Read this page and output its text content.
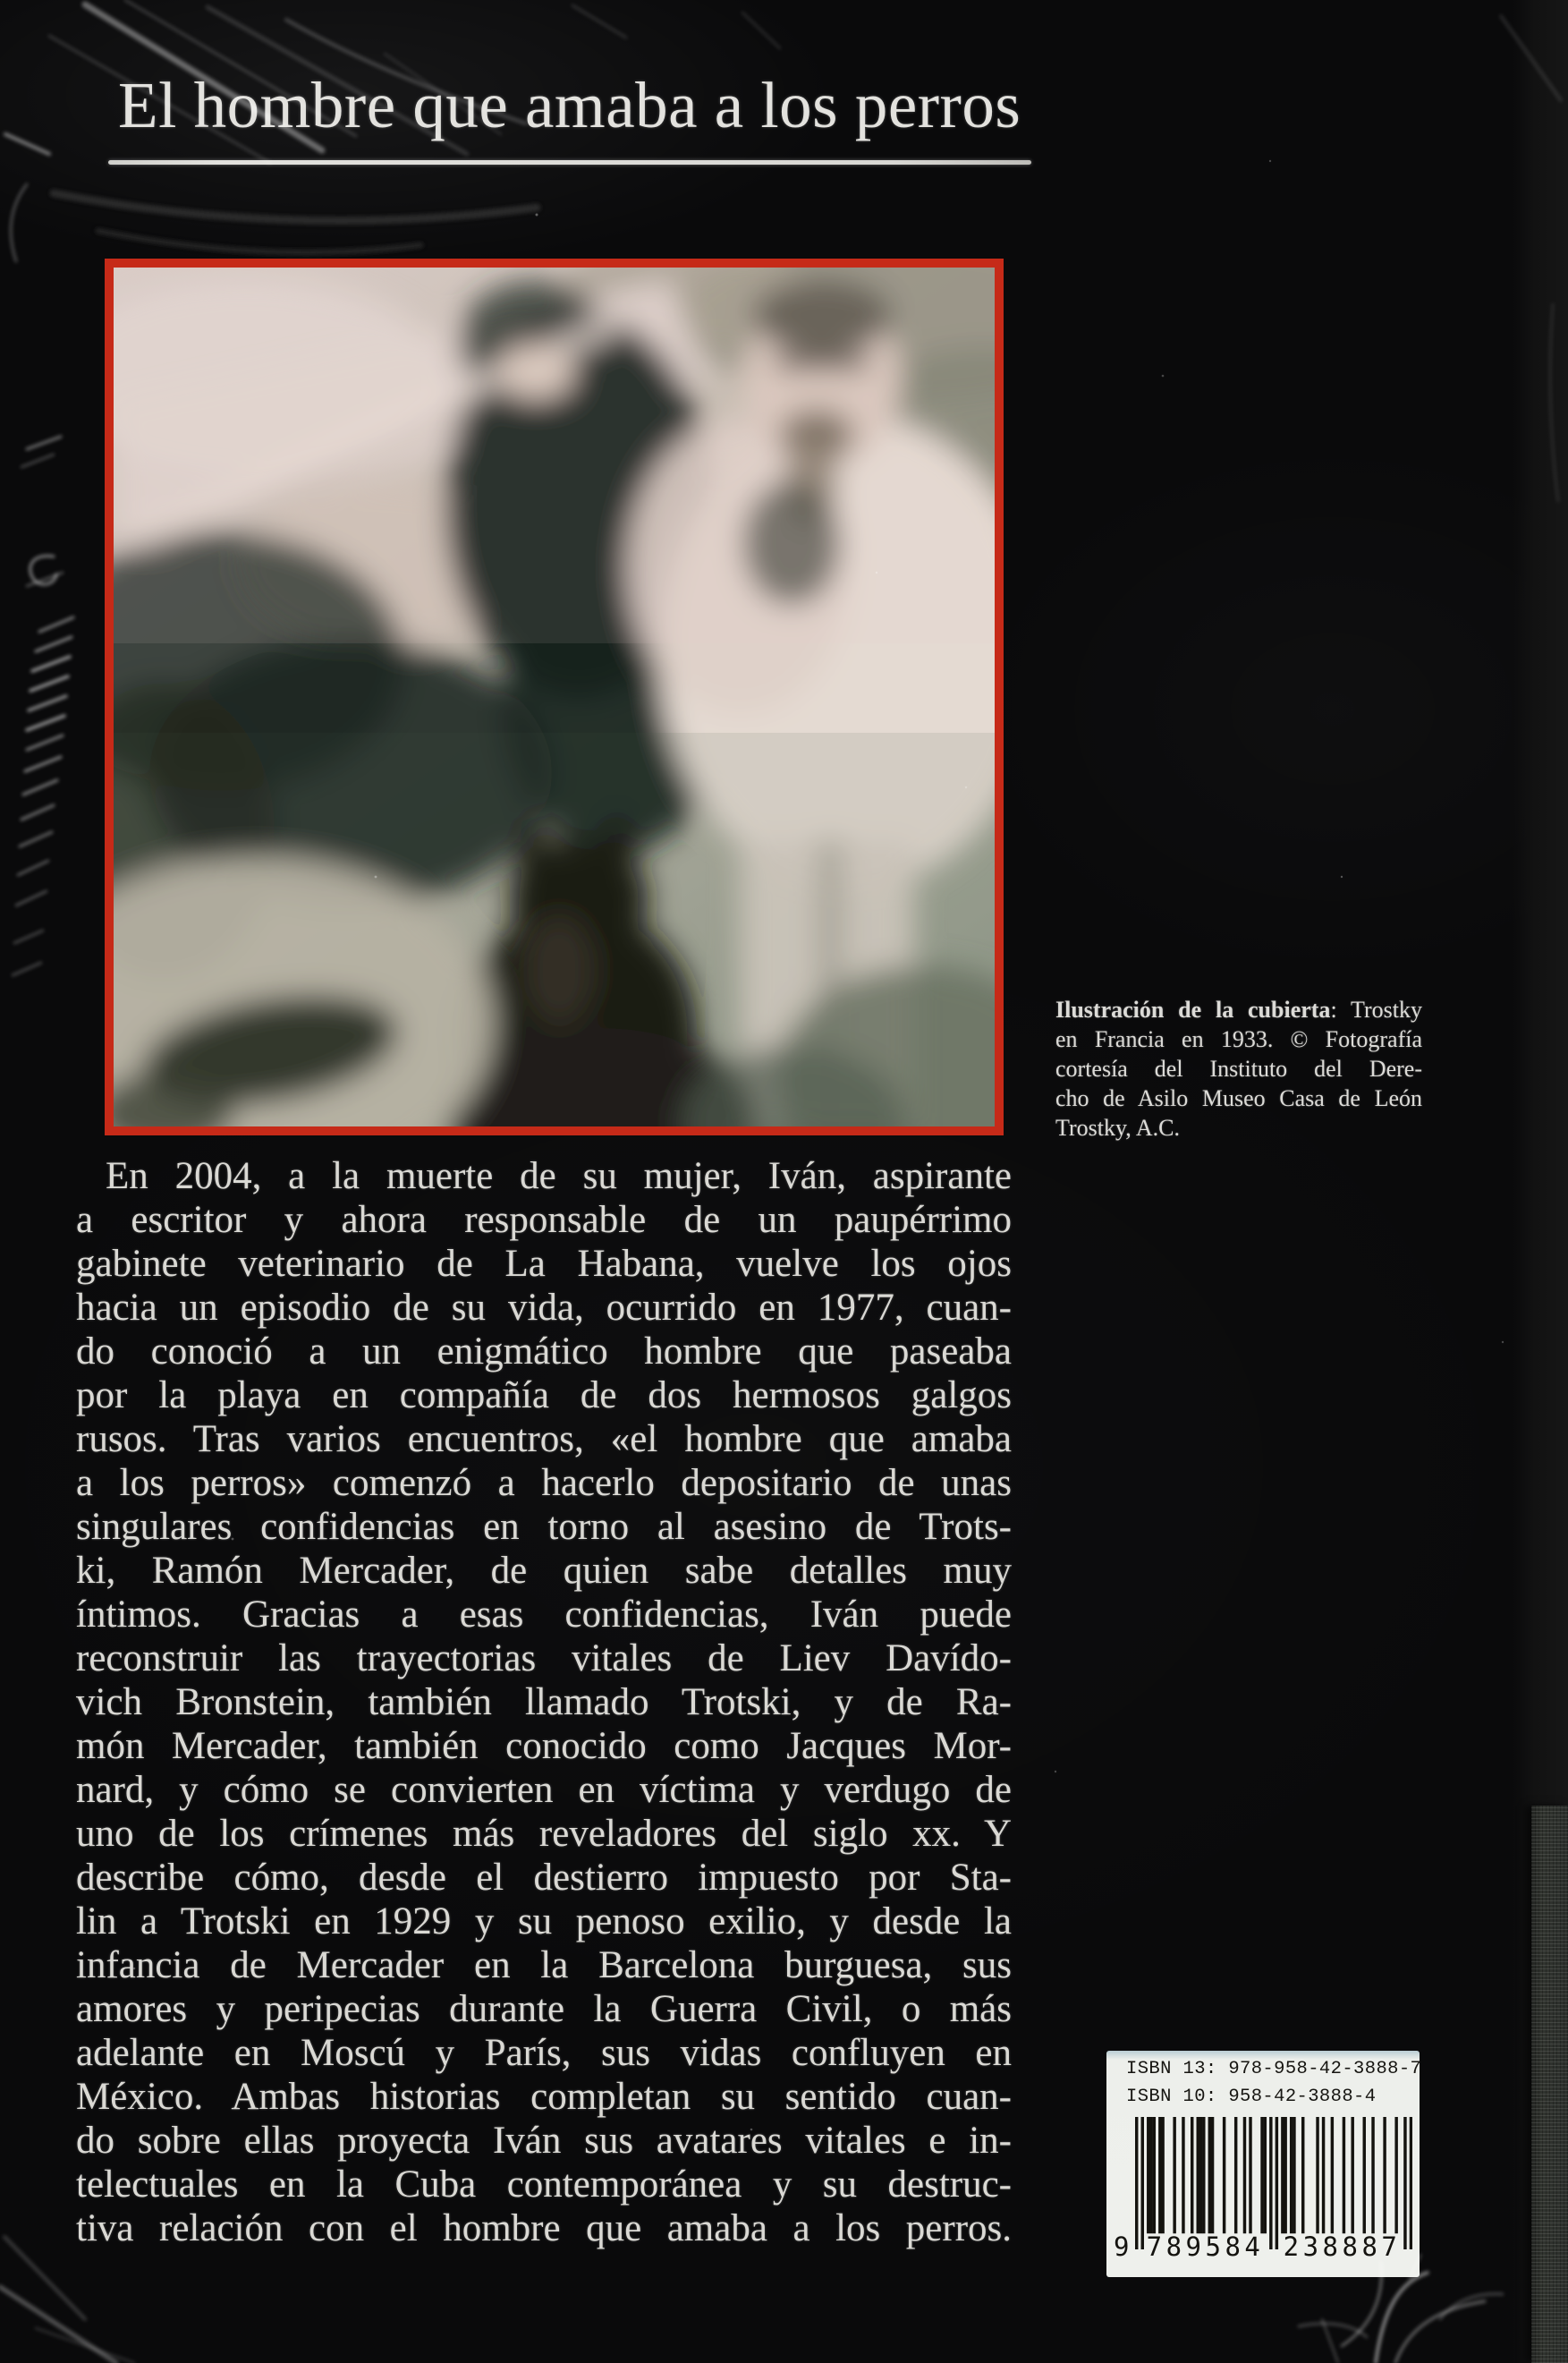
El hombre que amaba a los perros
Ilustración de la cubierta: Trostky
en Francia en 1933. © Fotografía
cortesía del Instituto del Dere-
cho de Asilo Museo Casa de León
Trostky, A.C.
En 2004, a la muerte de su mujer, Iván, aspirante
a escritor y ahora responsable de un paupérrimo
gabinete veterinario de La Habana, vuelve los ojos
hacia un episodio de su vida, ocurrido en 1977, cuan-
do conoció a un enigmático hombre que paseaba
por la playa en compañía de dos hermosos galgos
rusos. Tras varios encuentros, «el hombre que amaba
a los perros» comenzó a hacerlo depositario de unas
singulares confidencias en torno al asesino de Trots-
ki, Ramón Mercader, de quien sabe detalles muy
íntimos. Gracias a esas confidencias, Iván puede
reconstruir las trayectorias vitales de Liev Davído-
vich Bronstein, también llamado Trotski, y de Ra-
món Mercader, también conocido como Jacques Mor-
nard, y cómo se convierten en víctima y verdugo de
uno de los crímenes más reveladores del siglo xx. Y
describe cómo, desde el destierro impuesto por Sta-
lin a Trotski en 1929 y su penoso exilio, y desde la
infancia de Mercader en la Barcelona burguesa, sus
amores y peripecias durante la Guerra Civil, o más
adelante en Moscú y París, sus vidas confluyen en
México. Ambas historias completan su sentido cuan-
do sobre ellas proyecta Iván sus avatares vitales e in-
telectuales en la Cuba contemporánea y su destruc-
tiva relación con el hombre que amaba a los perros.
ISBN 13: 978-958-42-3888-7
ISBN 10: 958-42-3888-4
9 789584 238887
